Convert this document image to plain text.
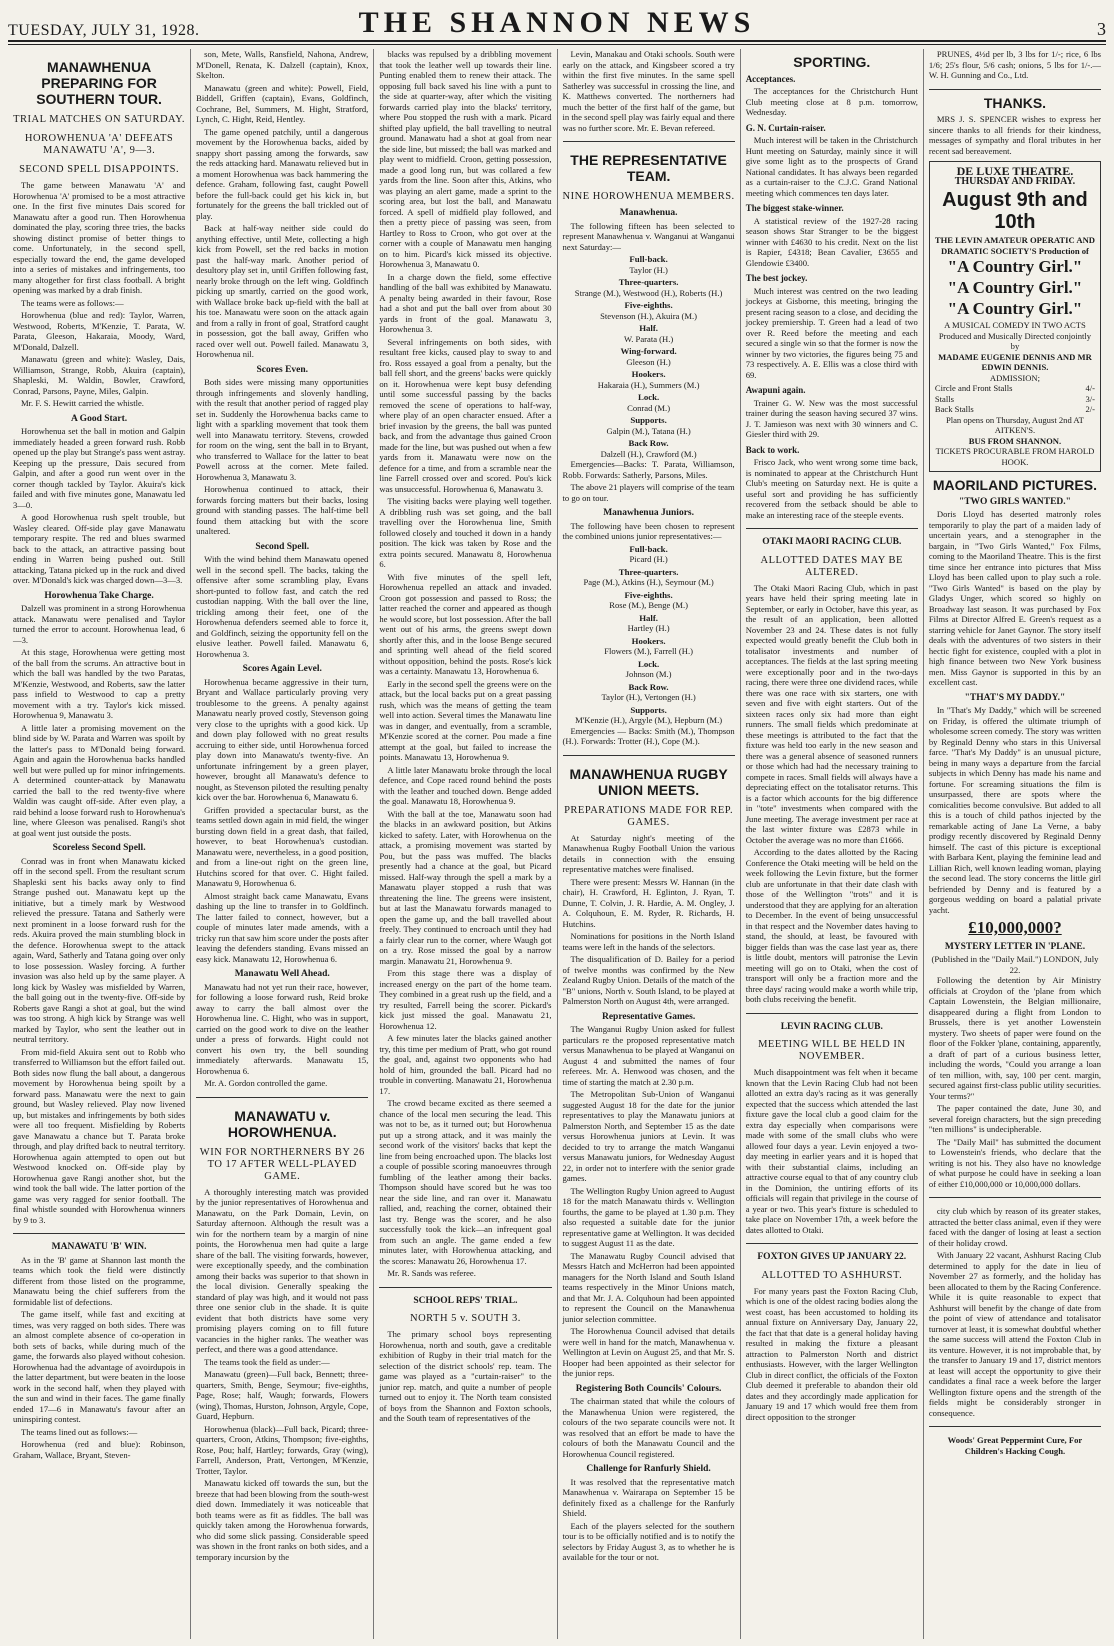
TUESDAY, JULY 31, 1928.	THE SHANNON NEWS	3
MANAWHENUA PREPARING FOR SOUTHERN TOUR.
TRIAL MATCHES ON SATURDAY.
HOROWHENUA 'A' DEFEATS MANAWATU 'A', 9—3.
SECOND SPELL DISAPPOINTS.

The game between Manawatu 'A' and Horowhenua 'A' promised to be a most attractive one. In the first five minutes Dais scored for Manawatu after a good run. Then Horowhenua dominated the play, scoring three tries, the backs showing distinct promise of better things to come. Unfortunately, in the second spell, especially toward the end, the game developed into a series of mistakes and infringements, too many altogether for first class football. A bright opening was marked by a drab finish.

The teams were as follows:—

Horowhenua (blue and red): Taylor, Warren, Westwood, Roberts, M'Kenzie, T. Parata, W. Parata, Gleeson, Hakaraia, Moody, Ward, M'Donald, Dalzell.

Manawatu (green and white): Wasley, Dais, Williamson, Strange, Robb, Akuira (captain), Shapleski, M. Waldin, Bowler, Crawford, Conrad, Parsons, Payne, Miles, Galpin.

Mr. F. S. Hewitt carried the whistle.

A Good Start.

Horowhenua set the ball in motion and Galpin immediately headed a green forward rush. Robb opened up the play but Strange's pass went astray. Keeping up the pressure, Dais secured from Galpin, and after a good run went over in the corner though tackled by Taylor. Akuira's kick failed and with five minutes gone, Manawatu led 3—0.

A good Horowhenua rush spelt trouble, but Wasley cleared. Off-side play gave Manawatu temporary respite. The red and blues swarmed back to the attack, an attractive passing bout ending in Warren being pushed out. Still attacking, Tatana picked up in the ruck and dived over. M'Donald's kick was charged down—3—3.

Horowhenua Take Charge.

Dalzell was prominent in a strong Horowhenua attack. Manawatu were penalised and Taylor turned the error to account. Horowhenua lead, 6—3.

At this stage, Horowhenua were getting most of the ball from the scrums. An attractive bout in which the ball was handled by the two Paratas, M'Kenzie, Westwood, and Roberts, saw the latter pass infield to Westwood to cap a pretty movement with a try. Taylor's kick missed. Horowhenua 9, Manawatu 3.

A little later a promising movement on the blind side by W. Parata and Warren was spoilt by the latter's pass to M'Donald being forward. Again and again the Horowhenua backs handled well but were pulled up for minor infringements. A determined counter-attack by Manawatu carried the ball to the red twenty-five where Waldin was caught off-side. After even play, a raid behind a loose forward rush to Horowhenua's line, where Gleeson was penalised. Rangi's shot at goal went just outside the posts.

Scoreless Second Spell.

Conrad was in front when Manawatu kicked off in the second spell. From the resultant scrum Shapleski sent his backs away only to find Strange pushed out. Manawatu kept up the initiative, but a timely mark by Westwood relieved the pressure. Tatana and Satherly were next prominent in a loose forward rush for the reds. Akuira proved the main stumbling block in the defence. Horowhenua swept to the attack again, Ward, Satherly and Tatana going over only to lose possession. Wasley forcing. A further invasion was also held up by the same player. A long kick by Wasley was misfielded by Warren, the ball going out in the twenty-five. Off-side by Roberts gave Rangi a shot at goal, but the wind was too strong. A high kick by Strange was well marked by Taylor, who sent the leather out in neutral territory.

From mid-field Akuira sent out to Robb who transferred to Williamson but the effort failed out. Both sides now flung the ball about, a dangerous movement by Horowhenua being spoilt by a forward pass. Manawatu were the next to gain ground, but Wasley relieved. Play now livened up, but mistakes and infringements by both sides were all too frequent. Misfielding by Roberts gave Manawatu a chance but T. Parata broke through, and play drifted back to neutral territory. Horowhenua again attempted to open out but Westwood knocked on. Off-side play by Horowhenua gave Rangi another shot, but the wind took the ball wide. The latter portion of the game was very ragged for senior football. The final whistle sounded with Horowhenua winners by 9 to 3.

MANAWATU 'B' WIN.

As in the 'B' game at Shannon last month the teams which took the field were distinctly different from those listed on the programme, Manawatu being the chief sufferers from the formidable list of defections.

The game itself, while fast and exciting at times, was very ragged on both sides. There was an almost complete absence of co-operation in both sets of backs, while during much of the game, the forwards also played without cohesion. Horowhenua had the advantage of avoirdupois in the latter department, but were beaten in the loose work in the second half, when they played with the sun and wind in their faces. The game finally ended 17—6 in Manawatu's favour after an uninspiring contest.

The teams lined out as follows:—

Horowhenua (red and blue): Robinson, Graham, Wallace, Bryant, Steven-

son, Mete, Walls, Ransfield, Nahona, Andrew, M'Donell, Renata, K. Dalzell (captain), Knox, Skelton.

Manawatu (green and white): Powell, Field, Biddell, Griffen (captain), Evans, Goldfinch, Cochrane, Bel, Summers, M. Hight, Stratford, Lynch, C. Hight, Reid, Hentley.

The game opened patchily, until a dangerous movement by the Horowhenua backs, aided by snappy short passing among the forwards, saw the reds attacking hard. Manawatu relieved but in a moment Horowhenua was back hammering the defence. Graham, following fast, caught Powell before the full-back could get his kick in, but fortunately for the greens the ball trickled out of play.

Back at half-way neither side could do anything effective, until Mete, collecting a high kick from Powell, set the red backs in motion past the half-way mark. Another period of desultory play set in, until Griffen following fast, nearly broke through on the left wing. Goldfinch picking up smartly, carried on the good work, with Wallace broke back up-field with the ball at his toe. Manawatu were soon on the attack again and from a rally in front of goal, Stratford caught in possession, got the ball away, Griffen who raced over well out. Powell failed. Manawatu 3, Horowhenua nil.

Scores Even.

Both sides were missing many opportunities through infringements and slovenly handling, with the result that another period of ragged play set in. Suddenly the Horowhenua backs came to light with a sparkling movement that took them well into Manawatu territory. Stevens, crowded for room on the wing, sent the ball in to Bryant, who transferred to Wallace for the latter to beat Powell across at the corner. Mete failed. Horowhenua 3, Manawatu 3.

Horowhenua continued to attack, their forwards forcing matters but their backs, losing ground with standing passes. The half-time bell found them attacking but with the score unaltered.

Second Spell.

With the wind behind them Manawatu opened well in the second spell. The backs, taking the offensive after some scrambling play, Evans short-punted to follow fast, and catch the red custodian napping. With the ball over the line, trickling among their feet, one of the Horowhenua defenders seemed able to force it, and Goldfinch, seizing the opportunity fell on the elusive leather. Powell failed. Manawatu 6, Horowhenua 3.

Scores Again Level.

Horowhenua became aggressive in their turn, Bryant and Wallace particularly proving very troublesome to the greens. A penalty against Manawatu nearly proved costly, Stevenson going very close to the uprights with a good kick. Up and down play followed with no great results accruing to either side, until Horowhenua forced play down into Manawatu's twenty-five. An unfortunate infringement by a green player, however, brought all Manawatu's defence to nought, as Stevenson piloted the resulting penalty kick over the bar. Horowhenua 6, Manawatu 6.

Griffen provided a spectacular burst, as the teams settled down again in mid field, the winger bursting down field in a great dash, that failed, however, to beat Horowhenua's custodian. Manawatu were, nevertheless, in a good position, and from a line-out right on the green line, Hutchins scored for that over. C. Hight failed. Manawatu 9, Horowhenua 6.

Almost straight back came Manawatu, Evans dashing up the line to transfer in to Goldfinch. The latter failed to connect, however, but a couple of minutes later made amends, with a tricky run that saw him score under the posts after leaving the defenders standing. Evans missed an easy kick. Manawatu 12, Horowhenua 6.

Manawatu Well Ahead.

Manawatu had not yet run their race, however, for following a loose forward rush, Reid broke away to carry the ball almost over the Horowhenua line. C. Hight, who was in support, carried on the good work to dive on the leather under a press of forwards. Hight could not convert his own try, the bell sounding immediately afterwards. Manawatu 15, Horowhenua 6.

Mr. A. Gordon controlled the game.

MANAWATU v. HOROWHENUA.
WIN FOR NORTHERNERS BY 26 TO 17 AFTER WELL-PLAYED GAME.

A thoroughly interesting match was provided by the junior representatives of Horowhenua and Manawatu, on the Park Domain, Levin, on Saturday afternoon. Although the result was a win for the northern team by a margin of nine points, the Horowhenua men had quite a large share of the ball. The visiting forwards, however, were exceptionally speedy, and the combination among their backs was superior to that shown in the local division. Generally speaking the standard of play was high, and it would not pass three one senior club in the shade. It is quite evident that both districts have some very promising players coming on to fill future vacancies in the higher ranks. The weather was perfect, and there was a good attendance.

The teams took the field as under:—

Manawatu (green)—Full back, Bennett; three-quarters, Smith, Benge, Seymour; five-eighths, Page, Rose; half, Waugh; forwards, Flowers (wing), Thomas, Hurston, Johnson, Argyle, Cope, Guard, Hepburn.

Horowhenua (black)—Full back, Picard; three-quarters, Croon, Atkins, Thompson; five-eighths, Rose, Pou; half, Hartley; forwards, Gray (wing), Farrell, Anderson, Pratt, Vertongen, M'Kenzie, Trotter, Taylor.

Manawatu kicked off towards the sun, but the breeze that had been blowing from the south-west died down. Immediately it was noticeable that both teams were as fit as fiddles. The ball was quickly taken among the Horowhenua forwards, who did some slick passing. Considerable speed was shown in the front ranks on both sides, and a temporary incursion by the

blacks was repulsed by a dribbling movement that took the leather well up towards their line. Punting enabled them to renew their attack. The opposing full back saved his line with a punt to the side at quarter-way, after which the visiting forwards carried play into the blacks' territory, where Pou stopped the rush with a mark. Picard shifted play upfield, the ball travelling to neutral ground. Manawatu had a shot at goal from near the side line, but missed; the ball was marked and play went to midfield. Croon, getting possession, made a good long run, but was collared a few yards from the line. Soon after this, Atkins, who was playing an alert game, made a sprint to the scoring area, but lost the ball, and Manawatu forced. A spell of midfield play followed, and then a pretty piece of passing was seen, from Hartley to Ross to Croon, who got over at the corner with a couple of Manawatu men hanging on to him. Picard's kick missed its objective. Horowhenua 3, Manawatu 0.

In a charge down the field, some effective handling of the ball was exhibited by Manawatu. A penalty being awarded in their favour, Rose had a shot and put the ball over from about 30 yards in front of the goal. Manawatu 3, Horowhenua 3.

Several infringements on both sides, with resultant free kicks, caused play to sway to and fro. Ross essayed a goal from a penalty, but the ball fell short, and the greens' backs were quickly on it. Horowhenua were kept busy defending until some successful passing by the backs removed the scene of operations to half-way, where play of an open character ensued. After a brief invasion by the greens, the ball was punted back, and from the advantage thus gained Croon made for the line, but was pushed out when a few yards from it. Manawatu were now on the defence for a time, and from a scramble near the line Farrell crossed over and scored. Pou's kick was unsuccessful. Horowhenua 6, Manawatu 3.

The visiting backs were playing well together. A dribbling rush was set going, and the ball travelling over the Horowhenua line, Smith followed closely and touched it down in a handy position. The kick was taken by Rose and the extra points secured. Manawatu 8, Horowhenua 6.

With five minutes of the spell left, Horowhenua repelled an attack and invaded. Croon got possession and passed to Ross; the latter reached the corner and appeared as though he would score, but lost possession. After the ball went out of his arms, the greens swept down shortly after this, and in the loose Benge secured and sprinting well ahead of the field scored without opposition, behind the posts. Rose's kick was a certainty. Manawatu 13, Horowhenua 6.

Early in the second spell the greens were on the attack, but the local backs put on a great passing rush, which was the means of getting the team well into action. Several times the Manawatu line was in danger, and eventually, from a scramble, M'Kenzie scored at the corner. Pou made a fine attempt at the goal, but failed to increase the points. Manawatu 13, Horowhenua 9.

A little later Manawatu broke through the local defence, and Cope raced round behind the posts with the leather and touched down. Benge added the goal. Manawatu 18, Horowhenua 9.

With the ball at the toe, Manawatu soon had the blacks in an awkward position, but Atkins kicked to safety. Later, with Horowhenua on the attack, a promising movement was started by Pou, but the pass was muffed. The blacks presently had a chance at the goal, but Picard missed. Half-way through the spell a mark by a Manawatu player stopped a rush that was threatening the line. The greens were insistent, but at last the Manawatu forwards managed to open the game up, and the ball travelled about freely. They continued to encroach until they had a fairly clear run to the corner, where Waugh got on a try. Rose missed the goal by a narrow margin. Manawatu 21, Horowhenua 9.

From this stage there was a display of increased energy on the part of the home team. They combined in a great rush up the field, and a try resulted, Farrell being the scorer. Pickard's kick just missed the goal. Manawatu 21, Horowhenua 12.

A few minutes later the blacks gained another try, this time per medium of Pratt, who got round the goal, and, against two opponents who had hold of him, grounded the ball. Picard had no trouble in converting. Manawatu 21, Horowhenua 17.

The crowd became excited as there seemed a chance of the local men securing the lead. This was not to be, as it turned out; but Horowhenua put up a strong attack, and it was mainly the second work of the visitors' backs that kept the line from being encroached upon. The blacks lost a couple of possible scoring manoeuvres through fumbling of the leather among their backs. Thompson should have scored but he was too near the side line, and ran over it. Manawatu rallied, and, reaching the corner, obtained their last try. Benge was the scorer, and he also successfully took the kick—an infrequent goal from such an angle. The game ended a few minutes later, with Horowhenua attacking, and the scores: Manawatu 26, Horowhenua 17.

Mr. R. Sands was referee.

SCHOOL REPS' TRIAL.
NORTH 5 v. SOUTH 3.

The primary school boys representing Horowhenua, north and south, gave a creditable exhibition of Rugby in their trial match for the selection of the district schools' rep. team. The game was played as a "curtain-raiser" to the junior rep. match, and quite a number of people turned out to enjoy it. The North team consisted of boys from the Shannon and Foxton schools, and the South team of representatives of the

Levin, Manakau and Otaki schools. South were early on the attack, and Kingsbeer scored a try within the first five minutes. In the same spell Satherley was successful in crossing the line, and K. Matthews converted. The northerners had much the better of the first half of the game, but in the second spell play was fairly equal and there was no further score. Mr. E. Bevan refereed.

THE REPRESENTATIVE TEAM.
NINE HOROWHENUA MEMBERS.
Manawhenua.

The following fifteen has been selected to represent Manawhenua v. Wanganui at Wanganui next Saturday:—

Full-back.
Taylor (H.)
Three-quarters.
Strange (M.), Westwood (H.), Roberts (H.)
Five-eighths.
Stevenson (H.), Akuira (M.)
Half.
W. Parata (H.)
Wing-forward.
Gleeson (H.)
Hookers.
Hakaraia (H.), Summers (M.)
Lock.
Conrad (M.)
Supports.
Galpin (M.), Tatana (H.)
Back Row.
Dalzell (H.), Crawford (M.)

Emergencies—Backs: T. Parata, Williamson, Robb. Forwards: Satherly, Parsons, Miles.

The above 21 players will comprise of the team to go on tour.

Manawhenua Juniors.

The following have been chosen to represent the combined unions junior representatives:—

Full-back.
Picard (H.)
Three-quarters.
Page (M.), Atkins (H.), Seymour (M.)
Five-eighths.
Rose (M.), Benge (M.)
Half.
Hartley (H.)
Hookers.
Flowers (M.), Farrell (H.)
Lock.
Johnson (M.)
Back Row.
Taylor (H.), Vertongen (H.)
Supports.
M'Kenzie (H.), Argyle (M.), Hepburn (M.)

Emergencies — Backs: Smith (M.), Thompson (H.). Forwards: Trotter (H.), Cope (M.).

MANAWHENUA RUGBY UNION MEETS.
PREPARATIONS MADE FOR REP. GAMES.

At Saturday night's meeting of the Manawhenua Rugby Football Union the various details in connection with the ensuing representative matches were finalised.

There were present: Messrs W. Hannan (in the chair), H. Crawford, H. Eglinton, J. Ryan, T. Dunne, T. Colvin, J. R. Hardie, A. M. Ongley, J. A. Colquhoun, E. M. Ryder, R. Richards, H. Hutchins.

Nominations for positions in the North Island teams were left in the hands of the selectors.

The disqualification of D. Bailey for a period of twelve months was confirmed by the New Zealand Rugby Union. Details of the match of the "B" unions, North v. South Island, to be played at Palmerston North on August 4th, were arranged.

Representative Games.

The Wanganui Rugby Union asked for fullest particulars re the proposed representative match versus Manawhenua to be played at Wanganui on August 4 and submitted the names of four referees. Mr. A. Henwood was chosen, and the time of starting the match at 2.30 p.m.

The Metropolitan Sub-Union of Wanganui suggested August 18 for the date for the junior representatives to play the Manawatu juniors at Palmerston North, and September 15 as the date versus Horowhenua juniors at Levin. It was decided to try to arrange the match Wanganui versus Manawatu juniors, for Wednesday August 22, in order not to interfere with the senior grade games.

The Wellington Rugby Union agreed to August 18 for the match Manawatu thirds v. Wellington fourths, the game to be played at 1.30 p.m. They also requested a suitable date for the junior representative game at Wellington. It was decided to suggest August 11 as the date.

The Manawatu Rugby Council advised that Messrs Hatch and McHerron had been appointed managers for the North Island and South Island teams respectively in the Minor Unions match, and that Mr. J. A. Colquhoun had been appointed to represent the Council on the Manawhenua junior selection committee.

The Horowhenua Council advised that details were well in hand for the match, Manawhenua v. Wellington at Levin on August 25, and that Mr. S. Hooper had been appointed as their selector for the junior reps.

Registering Both Councils' Colours.

The chairman stated that while the colours of the Manawhenua Union were registered, the colours of the two separate councils were not. It was resolved that an effort be made to have the colours of both the Manawatu Council and the Horowhenua Council registered.

Challenge for Ranfurly Shield.

It was resolved that the representative match Manawhenua v. Wairarapa on September 15 be definitely fixed as a challenge for the Ranfurly Shield.

Each of the players selected for the southern tour is to be officially notified and is to notify the selectors by Friday August 3, as to whether he is available for the tour or not.

SPORTING.
Acceptances.

The acceptances for the Christchurch Hunt Club meeting close at 8 p.m. tomorrow, Wednesday.

G. N. Curtain-raiser.

Much interest will be taken in the Christchurch Hunt meeting on Saturday, mainly since it will give some light as to the prospects of Grand National candidates. It has always been regarded as a curtain-raiser to the C.J.C. Grand National meeting which commences ten days later.

The biggest stake-winner.

A statistical review of the 1927-28 racing season shows Star Stranger to be the biggest winner with £4630 to his credit. Next on the list is Rapier, £4318; Bean Cavalier, £3655 and Glendowie £3400.

The best jockey.

Much interest was centred on the two leading jockeys at Gisborne, this meeting, bringing the present racing season to a close, and deciding the jockey premiership. T. Green had a lead of two over R. Reed before the meeting and each secured a single win so that the former is now the winner by two victories, the figures being 75 and 73 respectively. A. E. Ellis was a close third with 69.

Awapuni again.

Trainer G. W. New was the most successful trainer during the season having secured 37 wins. J. T. Jamieson was next with 30 winners and C. Giesler third with 29.

Back to work.

Frisco Jack, who went wrong some time back, is nominated to appear at the Christchurch Hunt Club's meeting on Saturday next. He is quite a useful sort and providing he has sufficiently recovered from the setback should be able to make an interesting race of the steeple events.

OTAKI MAORI RACING CLUB.
ALLOTTED DATES MAY BE ALTERED.

The Otaki Maori Racing Club, which in past years have held their spring meeting late in September, or early in October, have this year, as the result of an application, been allotted November 23 and 24. These dates is not fully expected would greatly benefit the Club both in totalisator investments and number of acceptances. The fields at the last spring meeting were exceptionally poor and in the two-days racing, there were three one dividend races, while there was one race with six starters, one with seven and five with eight starters. Out of the sixteen races only six had more than eight runners. The small fields which predominate at these meetings is attributed to the fact that the fixture was held too early in the new season and there was a general absence of seasoned runners or those which had had the necessary training to compete in races. Small fields will always have a depreciating effect on the totalisator returns. This is a factor which accounts for the big difference in "tote" investments when compared with the June meeting. The average investment per race at the last winter fixture was £2873 while in October the average was no more than £1666.

According to the dates allotted by the Racing Conference the Otaki meeting will be held on the week following the Levin fixture, but the former club are unfortunate in that their date clash with those of the Wellington "trots" and it is understood that they are applying for an alteration to December. In the event of being unsuccessful in that respect and the November dates having to stand, the should, at least, be favoured with bigger fields than was the case last year as, there is little doubt, mentors will patronise the Levin meeting will go on to Otaki, when the cost of transport will only be a fraction more and the three days' racing would make a worth while trip, both clubs receiving the benefit.

LEVIN RACING CLUB.
MEETING WILL BE HELD IN NOVEMBER.

Much disappointment was felt when it became known that the Levin Racing Club had not been allotted an extra day's racing as it was generally expected that the success which attended the last fixture gave the local club a good claim for the extra day especially when comparisons were made with some of the small clubs who were allowed four days a year. Levin enjoyed a two-day meeting in earlier years and it is hoped that with their substantial claims, including an attractive course equal to that of any country club in the Dominion, the untiring efforts of its officials will regain that privilege in the course of a year or two. This year's fixture is scheduled to take place on November 17th, a week before the dates allotted to Otaki.

FOXTON GIVES UP JANUARY 22.
ALLOTTED TO ASHHURST.

For many years past the Foxton Racing Club, which is one of the oldest racing bodies along the west coast, has been accustomed to holding its annual fixture on Anniversary Day, January 22, the fact that that date is a general holiday having resulted in making the fixture a pleasant attraction to Palmerston North and district enthusiasts. However, with the larger Wellington Club in direct conflict, the officials of the Foxton Club deemed it preferable to abandon their old dates and they accordingly made application for January 19 and 17 which would free them from direct opposition to the stronger

PRUNES, 4½d per lb, 3 lbs for 1/-; rice, 6 lbs 1/6; 25's flour, 5/6 cash; onions, 5 lbs for 1/-.—W. H. Gunning and Co., Ltd.

THANKS.

MRS J. S. SPENCER wishes to express her sincere thanks to all friends for their kindness, messages of sympathy and floral tributes in her recent sad bereavement.

DE LUXE THEATRE.
THURSDAY AND FRIDAY.
August 9th and 10th
THE LEVIN AMATEUR OPERATIC AND DRAMATIC SOCIETY'S Production of
"A Country Girl."
"A Country Girl."
"A Country Girl."
A MUSICAL COMEDY IN TWO ACTS Produced and Musically Directed conjointly by
MADAME EUGENIE DENNIS AND MR EDWIN DENNIS.
ADMISSION;
Circle and Front Stalls	4/-
Stalls	3/-
Back Stalls	2/-
Plan opens on Thursday, August 2nd AT AITKEN'S.
BUS FROM SHANNON.
TICKETS PROCURABLE FROM HAROLD HOOK.
MAORILAND PICTURES.
"TWO GIRLS WANTED."

Doris Lloyd has deserted matronly roles temporarily to play the part of a maiden lady of uncertain years, and a stenographer in the bargain, in "Two Girls Wanted," Fox Films, coming to the Maoriland Theatre. This is the first time since her entrance into pictures that Miss Lloyd has been called upon to play such a role. "Two Girls Wanted" is based on the play by Gladys Unger, which scored so highly on Broadway last season. It was purchased by Fox Films at Director Alfred E. Green's request as a starring vehicle for Janet Gaynor. The story itself deals with the adventures of two sisters in their hectic fight for existence, coupled with a plot in high finance between two New York business men. Miss Gaynor is supported in this by an excellent cast.

"THAT'S MY DADDY."

In "That's My Daddy," which will be screened on Friday, is offered the ultimate triumph of wholesome screen comedy. The story was written by Reginald Denny who stars in this Universal farce. "That's My Daddy" is an unusual picture, being in many ways a departure from the farcial subjects in which Denny has made his name and fortune. For screaming situations the film is unsurpassed, there are spots where the comicalities become convulsive. But added to all this is a touch of child pathos injected by the remarkable acting of Jane La Verne, a baby prodigy recently discovered by Reginald Denny himself. The cast of this picture is exceptional with Barbara Kent, playing the feminine lead and Lillian Rich, well known leading woman, playing the second lead. The story concerns the little girl befriended by Denny and is featured by a gorgeous wedding on board a palatial private yacht.

£10,000,000?
MYSTERY LETTER IN 'PLANE.
(Published in the "Daily Mail.") LONDON, July 22.

Following the detention by Air Ministry officials at Croydon of the 'plane from which Captain Lowenstein, the Belgian millionaire, disappeared during a flight from London to Brussels, there is yet another Lowenstein mystery. Two sheets of paper were found on the floor of the Fokker 'plane, containing, apparently, a draft of part of a curious business letter, including the words, "Could you arrange a loan of ten million, with, say, 100 per cent. margin, secured against first-class public utility securities. Your terms?"

The paper contained the date, June 30, and several foreign characters, but the sign preceding "ten millions" is undecipherable.

The "Daily Mail" has submitted the document to Lowenstein's friends, who declare that the writing is not his. They also have no knowledge of what purpose he could have in seeking a loan of either £10,000,000 or 10,000,000 dollars.

city club which by reason of its greater stakes, attracted the better class animal, even if they were faced with the danger of losing at least a section of their holiday crowd.

With January 22 vacant, Ashhurst Racing Club determined to apply for the date in lieu of November 27 as formerly, and the holiday has been allocated to them by the Racing Conference. While it is quite reasonable to expect that Ashhurst will benefit by the change of date from the point of view of attendance and totalisator turnover at least, it is somewhat doubtful whether the same success will attend the Foxton Club in its venture. However, it is not improbable that, by the transfer to January 19 and 17, district mentors at least will accept the opportunity to give their candidates a final race a week before the larger Wellington fixture opens and the strength of the fields might be considerably stronger in consequence.

Woods' Great Peppermint Cure, For Children's Hacking Cough.
